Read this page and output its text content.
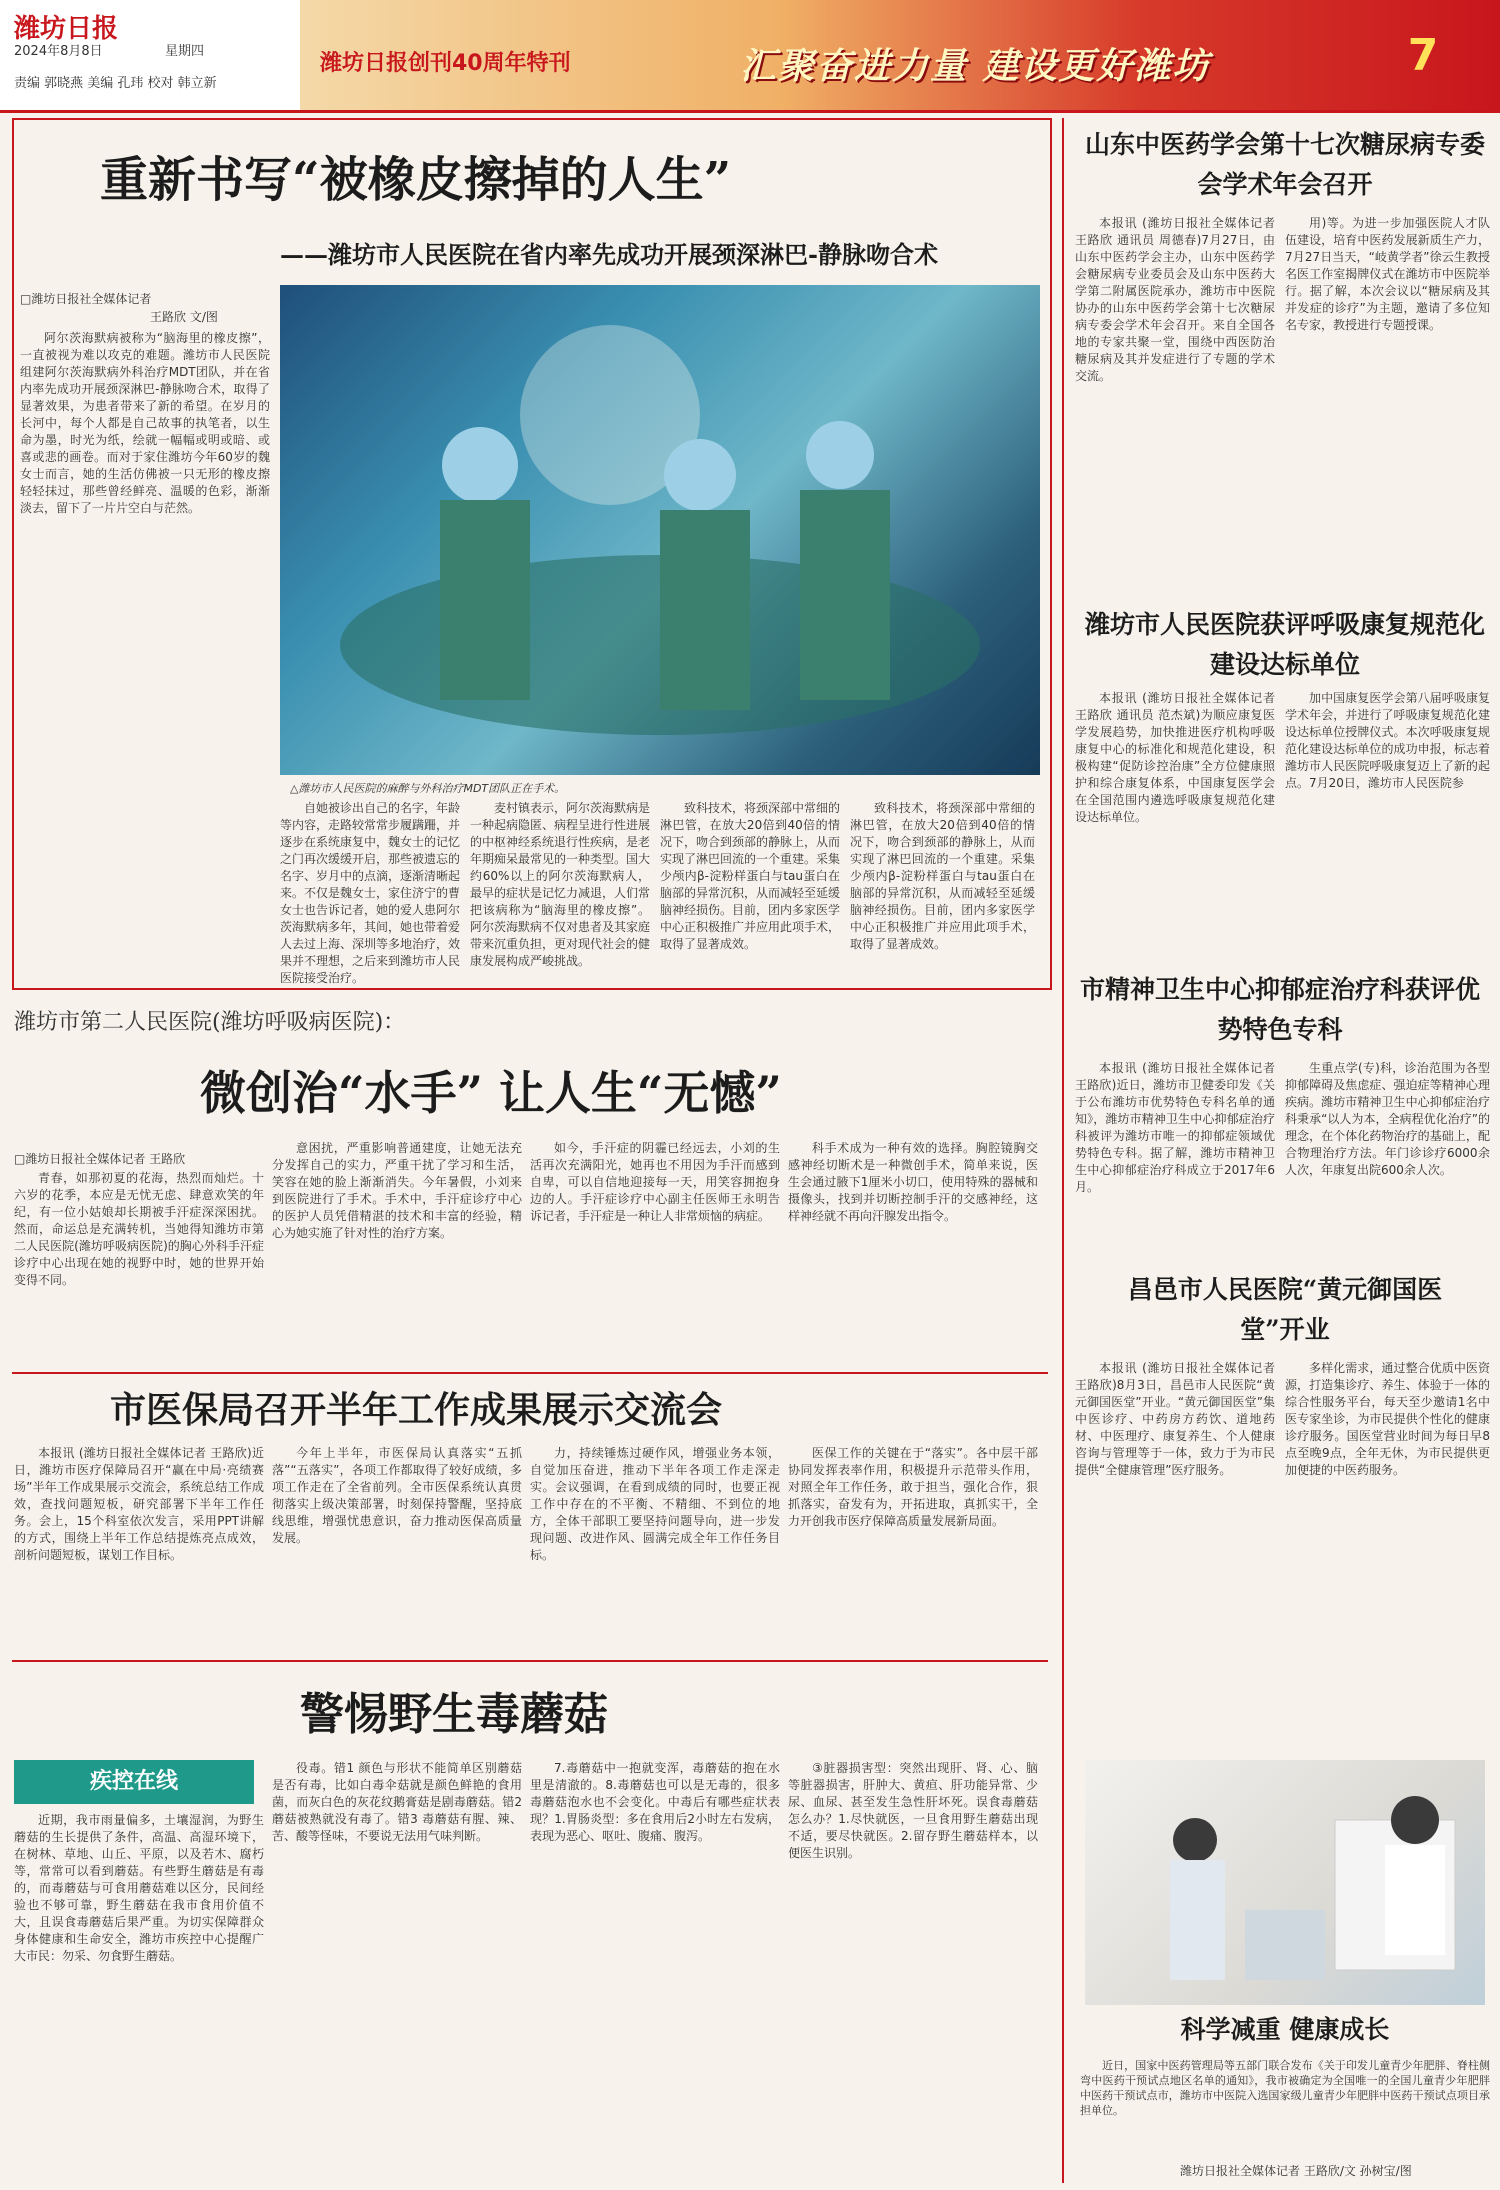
潍坊日报
2024年8月8日	星期四
责编 郭晓燕 美编 孔玮 校对 韩立新
潍坊日报创刊40周年特刊	汇聚奋进力量 建设更好潍坊	7
重新书写“被橡皮擦掉的人生”
——潍坊市人民医院在省内率先成功开展颈深淋巴-静脉吻合术
□潍坊日报社全媒体记者
王路欣 文/图
△潍坊市人民医院的麻醉与外科治疗MDT团队正在手术。

阿尔茨海默病被称为“脑海里的橡皮擦”，一直被视为难以攻克的难题。潍坊市人民医院组建阿尔茨海默病外科治疗MDT团队，并在省内率先成功开展颈深淋巴-静脉吻合术，取得了显著效果，为患者带来了新的希望。在岁月的长河中，每个人都是自己故事的执笔者，以生命为墨，时光为纸，绘就一幅幅或明或暗、或喜或悲的画卷。而对于家住潍坊今年60岁的魏女士而言，她的生活仿佛被一只无形的橡皮擦轻轻抹过，那些曾经鲜亮、温暖的色彩，渐渐淡去，留下了一片片空白与茫然。

自她被诊出自己的名字，年龄等内容，走路较常常步履蹒跚，并逐步在系统康复中，魏女士的记忆之门再次缓缓开启，那些被遗忘的名字、岁月中的点滴，逐渐清晰起来。不仅是魏女士，家住济宁的曹女士也告诉记者，她的爱人患阿尔茨海默病多年，其间，她也带着爱人去过上海、深圳等多地治疗，效果并不理想，之后来到潍坊市人民医院接受治疗。

麦村镇表示，阿尔茨海默病是一种起病隐匿、病程呈进行性进展的中枢神经系统退行性疾病，是老年期痴呆最常见的一种类型。国大约60%以上的阿尔茨海默病人，最早的症状是记忆力减退，人们常把该病称为“脑海里的橡皮擦”。阿尔茨海默病不仅对患者及其家庭带来沉重负担，更对现代社会的健康发展构成严峻挑战。

致科技术，将颈深部中常细的淋巴管，在放大20倍到40倍的情况下，吻合到颈部的静脉上，从而实现了淋巴回流的一个重建。采集少颅内β-淀粉样蛋白与tau蛋白在脑部的异常沉积，从而减轻至延缓脑神经损伤。目前，团内多家医学中心正积极推广并应用此项手术，取得了显著成效。

致科技术，将颈深部中常细的淋巴管，在放大20倍到40倍的情况下，吻合到颈部的静脉上，从而实现了淋巴回流的一个重建。采集少颅内β-淀粉样蛋白与tau蛋白在脑部的异常沉积，从而减轻至延缓脑神经损伤。目前，团内多家医学中心正积极推广并应用此项手术，取得了显著成效。

潍坊市第二人民医院(潍坊呼吸病医院)：
微创治“水手” 让人生“无憾”
□潍坊日报社全媒体记者 王路欣

青春，如那初夏的花海，热烈而灿烂。十六岁的花季，本应是无忧无虑、肆意欢笑的年纪，有一位小姑娘却长期被手汗症深深困扰。然而，命运总是充满转机，当她得知潍坊市第二人民医院(潍坊呼吸病医院)的胸心外科手汗症诊疗中心出现在她的视野中时，她的世界开始变得不同。

意困扰，严重影响普通建度，让她无法充分发挥自己的实力，严重干扰了学习和生活，笑容在她的脸上渐渐消失。今年暑假，小刘来到医院进行了手术。手术中，手汗症诊疗中心的医护人员凭借精湛的技术和丰富的经验，精心为她实施了针对性的治疗方案。

如今，手汗症的阴霾已经远去，小刘的生活再次充满阳光，她再也不用因为手汗而感到自卑，可以自信地迎接每一天，用笑容拥抱身边的人。手汗症诊疗中心副主任医师王永明告诉记者，手汗症是一种让人非常烦恼的病症。

科手术成为一种有效的选择。胸腔镜胸交感神经切断术是一种微创手术，简单来说，医生会通过腋下1厘米小切口，使用特殊的器械和摄像头，找到并切断控制手汗的交感神经，这样神经就不再向汗腺发出指令。

市医保局召开半年工作成果展示交流会

本报讯 (潍坊日报社全媒体记者 王路欣)近日，潍坊市医疗保障局召开“赢在中局·亮绩赛场”半年工作成果展示交流会，系统总结工作成效，查找问题短板，研究部署下半年工作任务。会上，15个科室依次发言，采用PPT讲解的方式，围绕上半年工作总结提炼亮点成效，剖析问题短板，谋划工作目标。

今年上半年，市医保局认真落实“五抓落”“五落实”，各项工作都取得了较好成绩，多项工作走在了全省前列。全市医保系统认真贯彻落实上级决策部署，时刻保持警醒，坚持底线思维，增强忧患意识，奋力推动医保高质量发展。

力，持续锤炼过硬作风，增强业务本领，自觉加压奋进，推动下半年各项工作走深走实。会议强调，在看到成绩的同时，也要正视工作中存在的不平衡、不精细、不到位的地方，全体干部职工要坚持问题导向，进一步发现问题、改进作风、圆满完成全年工作任务目标。

医保工作的关键在于“落实”。各中层干部协同发挥表率作用，积极提升示范带头作用，对照全年工作任务，敢于担当，强化合作，狠抓落实，奋发有为，开拓进取，真抓实干，全力开创我市医疗保障高质量发展新局面。

警惕野生毒蘑菇
疾控在线

近期，我市雨量偏多，土壤湿润，为野生蘑菇的生长提供了条件，高温、高湿环境下，在树林、草地、山丘、平原，以及若木、腐朽等，常常可以看到蘑菇。有些野生蘑菇是有毒的，而毒蘑菇与可食用蘑菇难以区分，民间经验也不够可靠，野生蘑菇在我市食用价值不大，且误食毒蘑菇后果严重。为切实保障群众身体健康和生命安全，潍坊市疾控中心提醒广大市民：勿采、勿食野生蘑菇。

役毒。错1 颜色与形状不能简单区别蘑菇是否有毒，比如白毒伞菇就是颜色鲜艳的食用菌，而灰白色的灰花纹鹅膏菇是剧毒蘑菇。错2 蘑菇被熟就没有毒了。错3 毒蘑菇有腥、辣、苦、酸等怪味，不要说无法用气味判断。

7.毒蘑菇中一抱就变浑，毒蘑菇的抱在水里是清澈的。8.毒蘑菇也可以是无毒的，很多毒蘑菇泡水也不会变化。中毒后有哪些症状表现？1.胃肠炎型：多在食用后2小时左右发病，表现为恶心、呕吐、腹痛、腹泻。

③脏器损害型：突然出现肝、肾、心、脑等脏器损害，肝肿大、黄疸、肝功能异常、少尿、血尿、甚至发生急性肝坏死。误食毒蘑菇怎么办？1.尽快就医，一旦食用野生蘑菇出现不适，要尽快就医。2.留存野生蘑菇样本，以便医生识别。

山东中医药学会第十七次糖尿病专委会学术年会召开

本报讯 (潍坊日报社全媒体记者 王路欣 通讯员 周德春)7月27日，由山东中医药学会主办，山东中医药学会糖尿病专业委员会及山东中医药大学第二附属医院承办，潍坊市中医院协办的山东中医药学会第十七次糖尿病专委会学术年会召开。来自全国各地的专家共聚一堂，围绕中西医防治糖尿病及其并发症进行了专题的学术交流。

用)等。为进一步加强医院人才队伍建设，培育中医药发展新质生产力，7月27日当天，“岐黄学者”徐云生教授名医工作室揭牌仪式在潍坊市中医院举行。据了解，本次会议以“糖尿病及其并发症的诊疗”为主题，邀请了多位知名专家，教授进行专题授课。

潍坊市人民医院获评呼吸康复规范化建设达标单位

本报讯 (潍坊日报社全媒体记者 王路欣 通讯员 范杰斌)为顺应康复医学发展趋势，加快推进医疗机构呼吸康复中心的标准化和规范化建设，积极构建“促防诊控治康”全方位健康照护和综合康复体系，中国康复医学会在全国范围内遴选呼吸康复规范化建设达标单位。

加中国康复医学会第八届呼吸康复学术年会，并进行了呼吸康复规范化建设达标单位授牌仪式。本次呼吸康复规范化建设达标单位的成功申报，标志着潍坊市人民医院呼吸康复迈上了新的起点。7月20日，潍坊市人民医院参

市精神卫生中心抑郁症治疗科获评优势特色专科

本报讯 (潍坊日报社全媒体记者 王路欣)近日，潍坊市卫健委印发《关于公布潍坊市优势特色专科名单的通知》，潍坊市精神卫生中心抑郁症治疗科被评为潍坊市唯一的抑郁症领域优势特色专科。据了解，潍坊市精神卫生中心抑郁症治疗科成立于2017年6月。

生重点学(专)科，诊治范围为各型抑郁障碍及焦虑症、强迫症等精神心理疾病。潍坊市精神卫生中心抑郁症治疗科秉承“以人为本，全病程优化治疗”的理念，在个体化药物治疗的基础上，配合物理治疗方法。年门诊诊疗6000余人次，年康复出院600余人次。

昌邑市人民医院“黄元御国医堂”开业

本报讯 (潍坊日报社全媒体记者 王路欣)8月3日，昌邑市人民医院“黄元御国医堂”开业。“黄元御国医堂”集中医诊疗、中药房方药饮、道地药材、中医理疗、康复养生、个人健康咨询与管理等于一体，致力于为市民提供“全健康管理”医疗服务。

多样化需求，通过整合优质中医资源，打造集诊疗、养生、体验于一体的综合性服务平台，每天至少邀请1名中医专家坐诊，为市民提供个性化的健康诊疗服务。国医堂营业时间为每日早8点至晚9点，全年无休，为市民提供更加便捷的中医药服务。

科学减重 健康成长

近日，国家中医药管理局等五部门联合发布《关于印发儿童青少年肥胖、脊柱侧弯中医药干预试点地区名单的通知》，我市被确定为全国唯一的全国儿童青少年肥胖中医药干预试点市，潍坊市中医院入选国家级儿童青少年肥胖中医药干预试点项目承担单位。

潍坊日报社全媒体记者 王路欣/文 孙树宝/图
